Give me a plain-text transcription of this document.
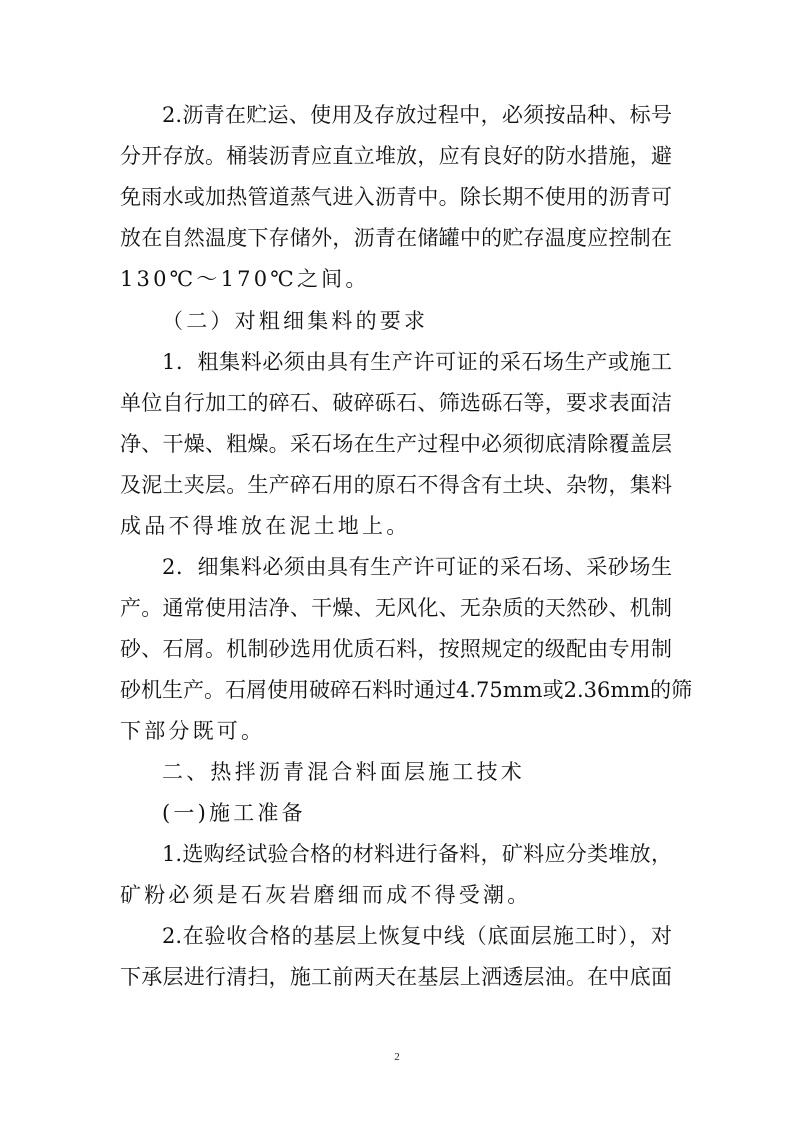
2.沥青在贮运、使用及存放过程中，必须按品种、标号
分开存放。桶装沥青应直立堆放，应有良好的防水措施，避
免雨水或加热管道蒸气进入沥青中。除长期不使用的沥青可
放在自然温度下存储外，沥青在储罐中的贮存温度应控制在
130℃～170℃之间。
（二）对粗细集料的要求
1．粗集料必须由具有生产许可证的采石场生产或施工
单位自行加工的碎石、破碎砾石、筛选砾石等，要求表面洁
净、干燥、粗燥。采石场在生产过程中必须彻底清除覆盖层
及泥土夹层。生产碎石用的原石不得含有土块、杂物，集料
成品不得堆放在泥土地上。
2．细集料必须由具有生产许可证的采石场、采砂场生
产。通常使用洁净、干燥、无风化、无杂质的天然砂、机制
砂、石屑。机制砂选用优质石料，按照规定的级配由专用制
砂机生产。石屑使用破碎石料时通过4.75mm或2.36mm的筛
下部分既可。
二、热拌沥青混合料面层施工技术
(一)施工准备
1.选购经试验合格的材料进行备料，矿料应分类堆放，
矿粉必须是石灰岩磨细而成不得受潮。
2.在验收合格的基层上恢复中线（底面层施工时），对
下承层进行清扫，施工前两天在基层上洒透层油。在中底面
2
